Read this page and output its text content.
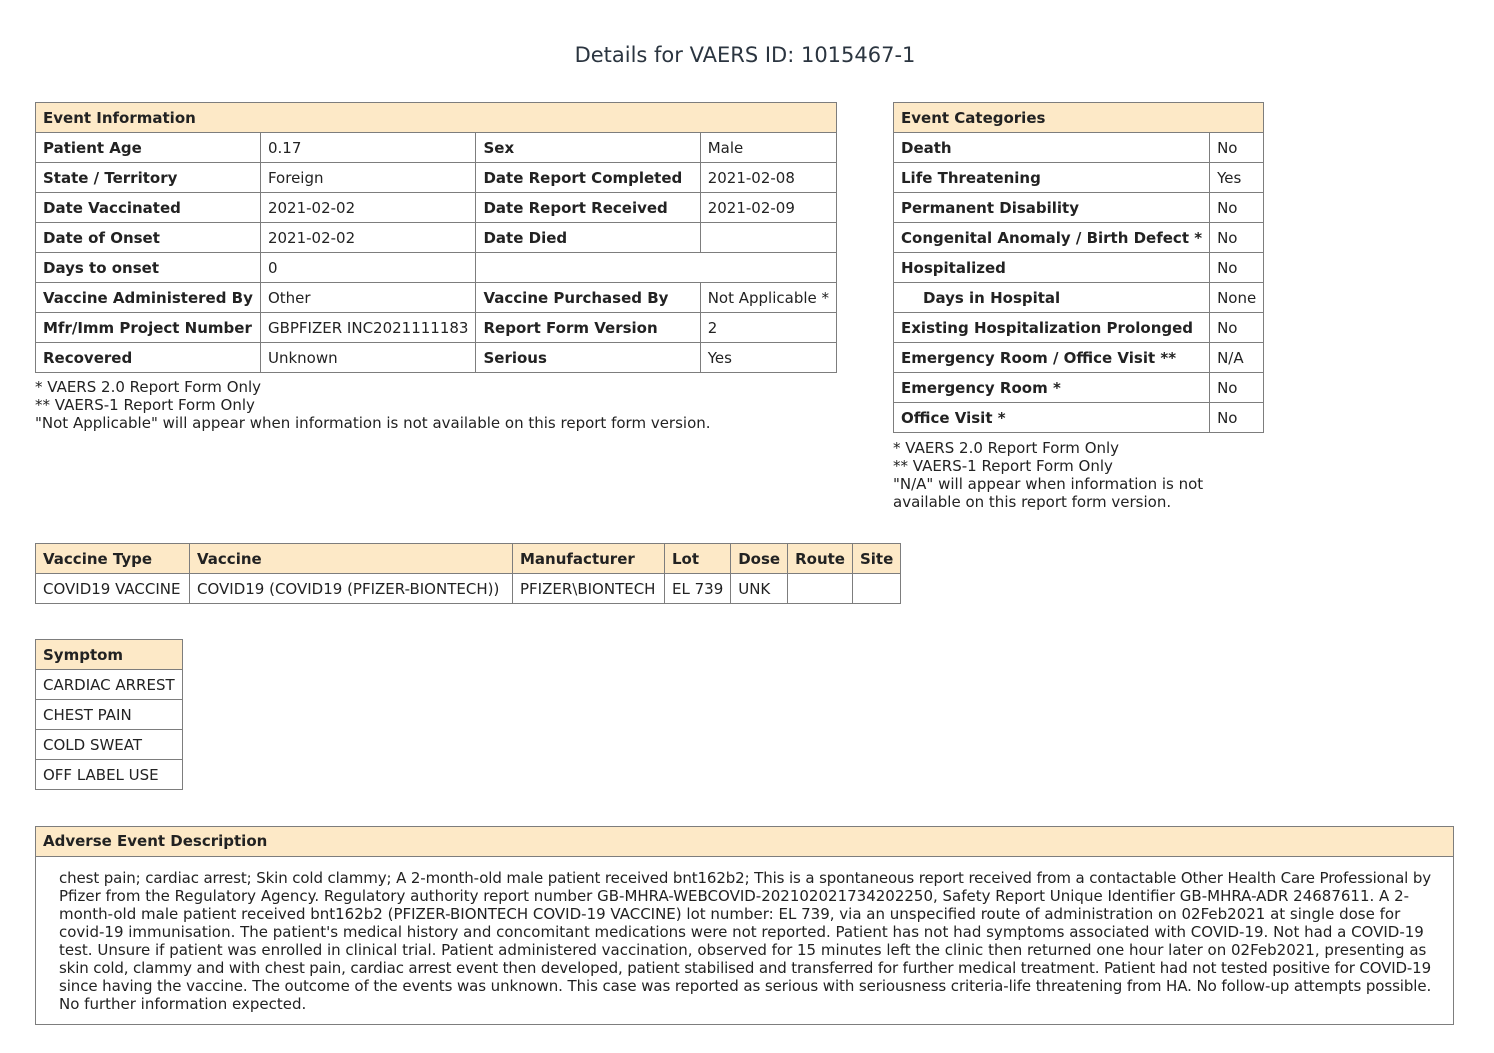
Details for VAERS ID: 1015467-1
Event Information			
Patient Age	0.17	Sex	Male
State / Territory	Foreign	Date Report Completed	2021-02-08
Date Vaccinated	2021-02-02	Date Report Received	2021-02-09
Date of Onset	2021-02-02	Date Died	
Days to onset	0		
Vaccine Administered By	Other	Vaccine Purchased By	Not Applicable *
Mfr/Imm Project Number	GBPFIZER INC2021111183	Report Form Version	2
Recovered	Unknown	Serious	Yes
* VAERS 2.0 Report Form Only
** VAERS-1 Report Form Only
"Not Applicable" will appear when information is not available on this report form version.
Event Categories	
Death	No
Life Threatening	Yes
Permanent Disability	No
Congenital Anomaly / Birth Defect *	No
Hospitalized	No
Days in Hospital	None
Existing Hospitalization Prolonged	No
Emergency Room / Office Visit **	N/A
Emergency Room *	No
Office Visit *	No
* VAERS 2.0 Report Form Only
** VAERS-1 Report Form Only
"N/A" will appear when information is not
available on this report form version.
Vaccine Type	Vaccine	Manufacturer	Lot	Dose	Route	Site
COVID19 VACCINE	COVID19 (COVID19 (PFIZER-BIONTECH))	PFIZER\BIONTECH	EL 739	UNK		
Symptom
CARDIAC ARREST
CHEST PAIN
COLD SWEAT
OFF LABEL USE
Adverse Event Description
chest pain; cardiac arrest; Skin cold clammy; A 2-month-old male patient received bnt162b2; This is a spontaneous report received from a contactable Other Health Care Professional by
Pfizer from the Regulatory Agency. Regulatory authority report number GB-MHRA-WEBCOVID-202102021734202250, Safety Report Unique Identifier GB-MHRA-ADR 24687611. A 2-
month-old male patient received bnt162b2 (PFIZER-BIONTECH COVID-19 VACCINE) lot number: EL 739, via an unspecified route of administration on 02Feb2021 at single dose for
covid-19 immunisation. The patient's medical history and concomitant medications were not reported. Patient has not had symptoms associated with COVID-19. Not had a COVID-19
test. Unsure if patient was enrolled in clinical trial. Patient administered vaccination, observed for 15 minutes left the clinic then returned one hour later on 02Feb2021, presenting as
skin cold, clammy and with chest pain, cardiac arrest event then developed, patient stabilised and transferred for further medical treatment. Patient had not tested positive for COVID-19
since having the vaccine. The outcome of the events was unknown. This case was reported as serious with seriousness criteria-life threatening from HA. No follow-up attempts possible.
No further information expected.
